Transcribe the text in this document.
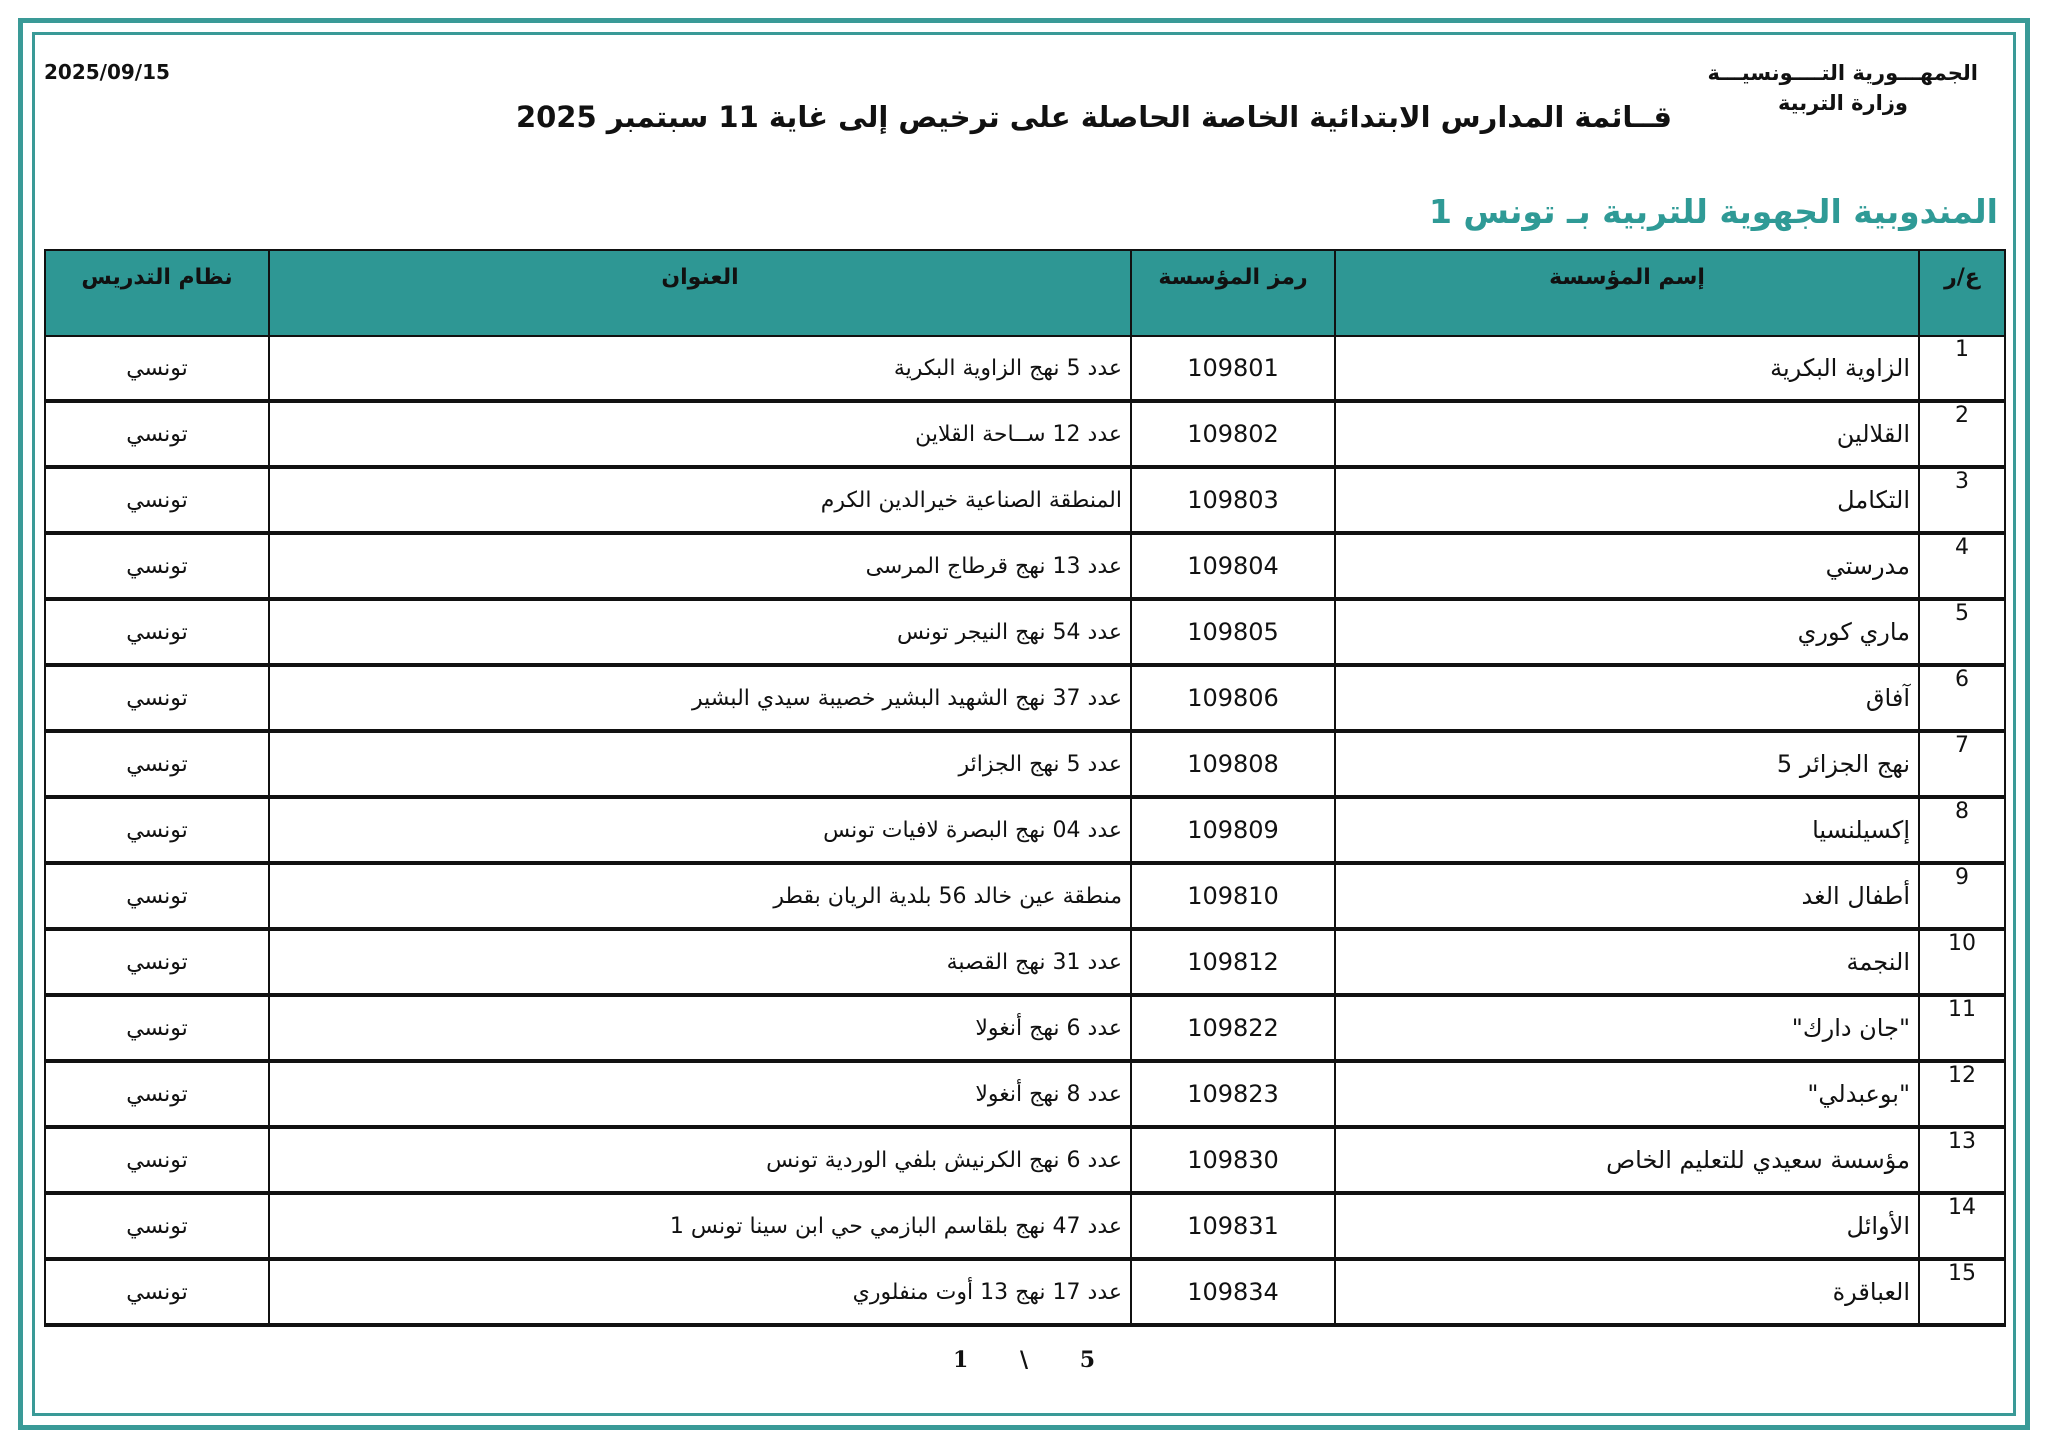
الجمهـــورية التــــونسيـــة
وزارة التربية
2025/09/15
قــائمة المدارس الابتدائية الخاصة الحاصلة على ترخيص إلى غاية 11 سبتمبر 2025
المندوبية الجهوية للتربية بـ تونس 1
ع/ر	إسم المؤسسة	رمز المؤسسة	العنوان	نظام التدريس
1	الزاوية البكرية	109801	عدد 5 نهج الزاوية البكرية	تونسي
2	القلالين	109802	عدد 12 ســاحة القلاين	تونسي
3	التكامل	109803	المنطقة الصناعية خيرالدين الكرم	تونسي
4	مدرستي	109804	عدد 13 نهج قرطاج المرسى	تونسي
5	ماري كوري	109805	عدد 54 نهج النيجر تونس	تونسي
6	آفاق	109806	عدد 37 نهج الشهيد البشير خصيبة سيدي البشير	تونسي
7	نهج الجزائر 5	109808	عدد 5 نهج الجزائر	تونسي
8	إكسيلنسيا	109809	عدد 04 نهج البصرة لافيات تونس	تونسي
9	أطفال الغد	109810	منطقة عين خالد 56 بلدية الريان بقطر	تونسي
10	النجمة	109812	عدد 31 نهج القصبة	تونسي
11	"جان دارك"	109822	عدد 6 نهج أنغولا	تونسي
12	"بوعبدلي"	109823	عدد 8 نهج أنغولا	تونسي
13	مؤسسة سعيدي للتعليم الخاص	109830	عدد 6 نهج الكرنيش بلفي الوردية تونس	تونسي
14	الأوائل	109831	عدد 47 نهج بلقاسم البازمي حي ابن سينا تونس 1	تونسي
15	العباقرة	109834	عدد 17 نهج 13 أوت منفلوري	تونسي
1 \ 5
